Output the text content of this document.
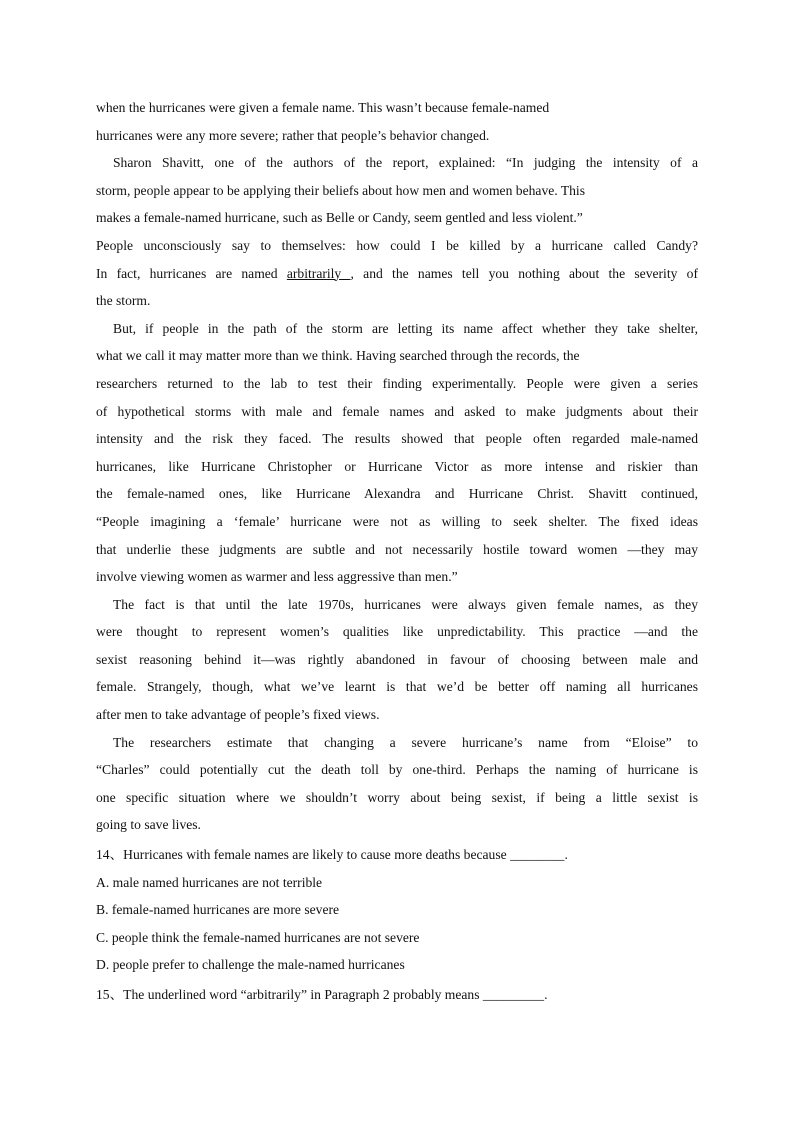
when the hurricanes were given a female name. This wasn’t because female-named
hurricanes were any more severe; rather that people’s behavior changed.
Sharon Shavitt, one of the authors of the report, explained: “In judging the intensity of a
storm, people appear to be applying their beliefs about how men and women behave. This
makes a female-named hurricane, such as Belle or Candy, seem gentled and less violent.”
People unconsciously say to themselves: how could I be killed by a hurricane called Candy?
In fact, hurricanes are named arbitrarily , and the names tell you nothing about the severity of
the storm.
But, if people in the path of the storm are letting its name affect whether they take shelter,
what we call it may matter more than we think. Having searched through the records, the
researchers returned to the lab to test their finding experimentally. People were given a series
of hypothetical storms with male and female names and asked to make judgments about their
intensity and the risk they faced. The results showed that people often regarded male-named
hurricanes, like Hurricane Christopher or Hurricane Victor as more intense and riskier than
the female-named ones, like Hurricane Alexandra and Hurricane Christ. Shavitt continued,
“People imagining a ‘female’ hurricane were not as willing to seek shelter. The fixed ideas
that underlie these judgments are subtle and not necessarily hostile toward women —they may
involve viewing women as warmer and less aggressive than men.”
The fact is that until the late 1970s, hurricanes were always given female names, as they
were thought to represent women’s qualities like unpredictability. This practice —and the
sexist reasoning behind it—was rightly abandoned in favour of choosing between male and
female. Strangely, though, what we’ve learnt is that we’d be better off naming all hurricanes
after men to take advantage of people’s fixed views.
The researchers estimate that changing a severe hurricane’s name from “Eloise” to
“Charles” could potentially cut the death toll by one-third. Perhaps the naming of hurricane is
one specific situation where we shouldn’t worry about being sexist, if being a little sexist is
going to save lives.
14、Hurricanes with female names are likely to cause more deaths because ________.
A. male named hurricanes are not terrible
B. female-named hurricanes are more severe
C. people think the female-named hurricanes are not severe
D. people prefer to challenge the male-named hurricanes
15、The underlined word “arbitrarily” in Paragraph 2 probably means _________.
